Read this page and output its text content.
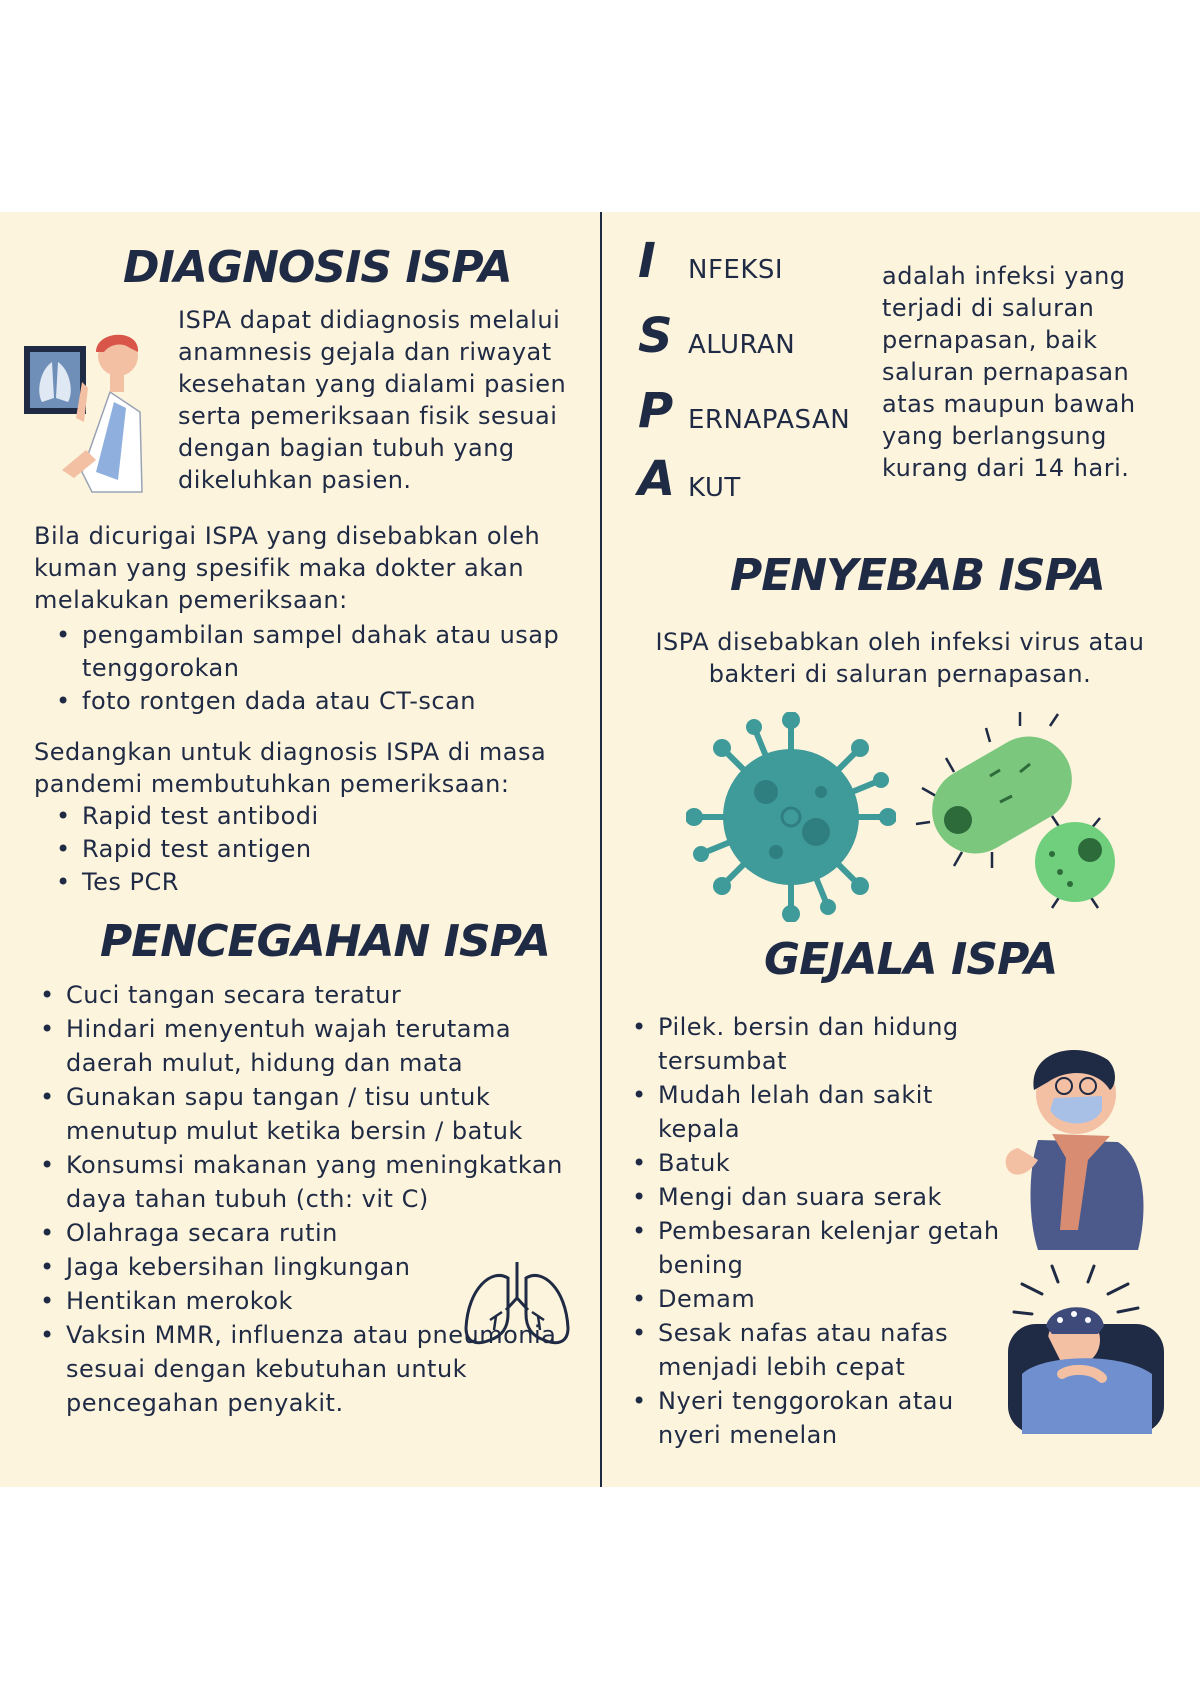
DIAGNOSIS ISPA

ISPA dapat didiagnosis melalui anamnesis gejala dan riwayat kesehatan yang dialami pasien serta pemeriksaan fisik sesuai dengan bagian tubuh yang dikeluhkan pasien.

Bila dicurigai ISPA yang disebabkan oleh kuman yang spesifik maka dokter akan melakukan pemeriksaan:

• pengambilan sampel dahak atau usap tenggorokan
• foto rontgen dada atau CT-scan

Sedangkan untuk diagnosis ISPA di masa pandemi membutuhkan pemeriksaan:

• Rapid test antibodi
• Rapid test antigen
• Tes PCR
PENCEGAHAN ISPA
• Cuci tangan secara teratur
• Hindari menyentuh wajah terutama daerah mulut, hidung dan mata
• Gunakan sapu tangan / tisu untuk menutup mulut ketika bersin / batuk
• Konsumsi makanan yang meningkatkan daya tahan tubuh (cth: vit C)
• Olahraga secara rutin
• Jaga kebersihan lingkungan
• Hentikan merokok
• Vaksin MMR, influenza atau pneumonia sesuai dengan kebutuhan untuk pencegahan penyakit.
I NFEKSI
S ALURAN
P ERNAPASAN
A KUT

adalah infeksi yang terjadi di saluran pernapasan, baik saluran pernapasan atas maupun bawah yang berlangsung kurang dari 14 hari.

PENYEBAB ISPA

ISPA disebabkan oleh infeksi virus atau bakteri di saluran pernapasan.

GEJALA ISPA
• Pilek. bersin dan hidung tersumbat
• Mudah lelah dan sakit kepala
• Batuk
• Mengi dan suara serak
• Pembesaran kelenjar getah bening
• Demam
• Sesak nafas atau nafas menjadi lebih cepat
• Nyeri tenggorokan atau nyeri menelan
